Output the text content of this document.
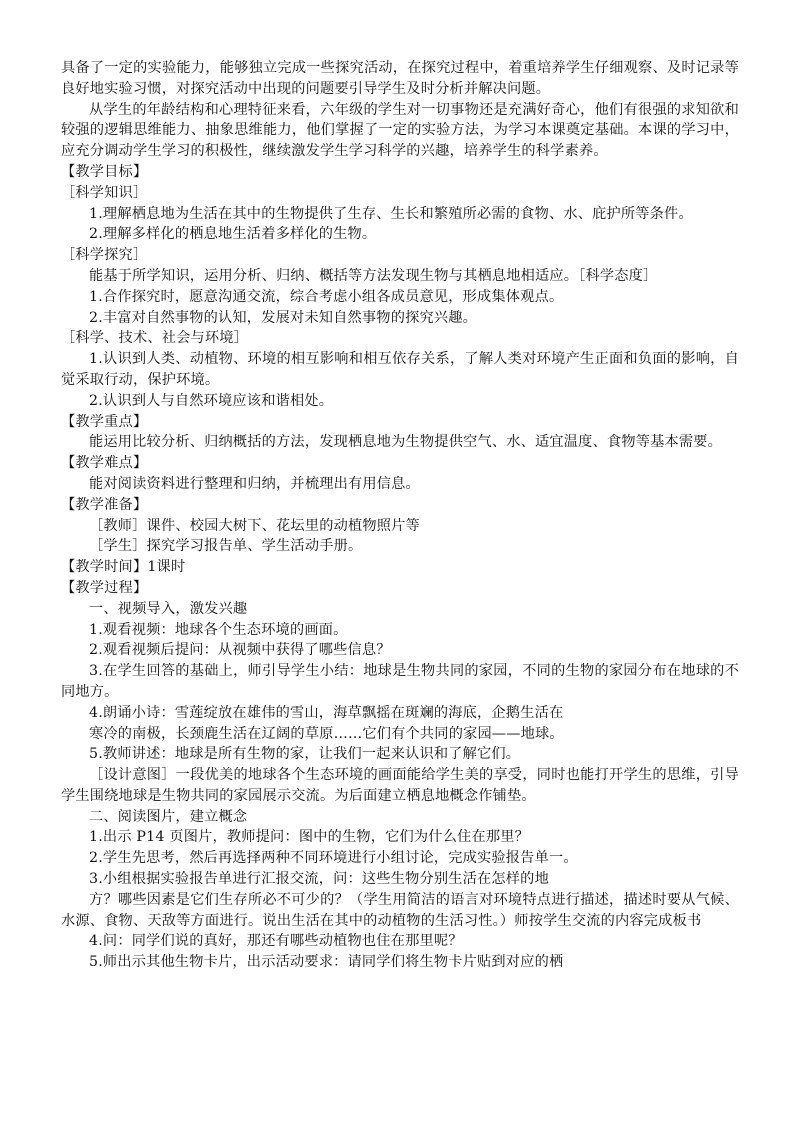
具备了一定的实验能力，能够独立完成一些探究活动，在探究过程中，着重培养学生仔细观察、及时记录等良好地实验习惯，对探究活动中出现的问题要引导学生及时分析并解决问题。

从学生的年龄结构和心理特征来看，六年级的学生对一切事物还是充满好奇心，他们有很强的求知欲和较强的逻辑思维能力、抽象思维能力，他们掌握了一定的实验方法，为学习本课奠定基础。本课的学习中，应充分调动学生学习的积极性，继续激发学生学习科学的兴趣，培养学生的科学素养。

【教学目标】

［科学知识］

1.理解栖息地为生活在其中的生物提供了生存、生长和繁殖所必需的食物、水、庇护所等条件。

2.理解多样化的栖息地生活着多样化的生物。

［科学探究］

能基于所学知识，运用分析、归纳、概括等方法发现生物与其栖息地相适应。［科学态度］

1.合作探究时，愿意沟通交流，综合考虑小组各成员意见，形成集体观点。

2.丰富对自然事物的认知，发展对未知自然事物的探究兴趣。

［科学、技术、社会与环境］

1.认识到人类、动植物、环境的相互影响和相互依存关系，了解人类对环境产生正面和负面的影响，自觉采取行动，保护环境。

2.认识到人与自然环境应该和谐相处。

【教学重点】

能运用比较分析、归纳概括的方法，发现栖息地为生物提供空气、水、适宜温度、食物等基本需要。

【教学难点】

能对阅读资料进行整理和归纳，并梳理出有用信息。

【教学准备】

［教师］课件、校园大树下、花坛里的动植物照片等

［学生］探究学习报告单、学生活动手册。

【教学时间】1课时

【教学过程】

一、视频导入，激发兴趣

1.观看视频：地球各个生态环境的画面。

2.观看视频后提问：从视频中获得了哪些信息？

3.在学生回答的基础上，师引导学生小结：地球是生物共同的家园，不同的生物的家园分布在地球的不同地方。

4.朗诵小诗：雪莲绽放在雄伟的雪山，海草飘摇在斑斓的海底，企鹅生活在

寒冷的南极，长颈鹿生活在辽阔的草原……它们有个共同的家园——地球。

5.教师讲述：地球是所有生物的家，让我们一起来认识和了解它们。

［设计意图］一段优美的地球各个生态环境的画面能给学生美的享受，同时也能打开学生的思维，引导学生围绕地球是生物共同的家园展示交流。为后面建立栖息地概念作铺垫。

二、阅读图片，建立概念

1.出示 P14 页图片，教师提问：图中的生物，它们为什么住在那里？

2.学生先思考，然后再选择两种不同环境进行小组讨论，完成实验报告单一。

3.小组根据实验报告单进行汇报交流，问：这些生物分别生活在怎样的地

方？哪些因素是它们生存所必不可少的？（学生用简洁的语言对环境特点进行描述，描述时要从气候、水源、食物、天敌等方面进行。说出生活在其中的动植物的生活习性。）师按学生交流的内容完成板书

4.问：同学们说的真好，那还有哪些动植物也住在那里呢？

5.师出示其他生物卡片，出示活动要求：请同学们将生物卡片贴到对应的栖
